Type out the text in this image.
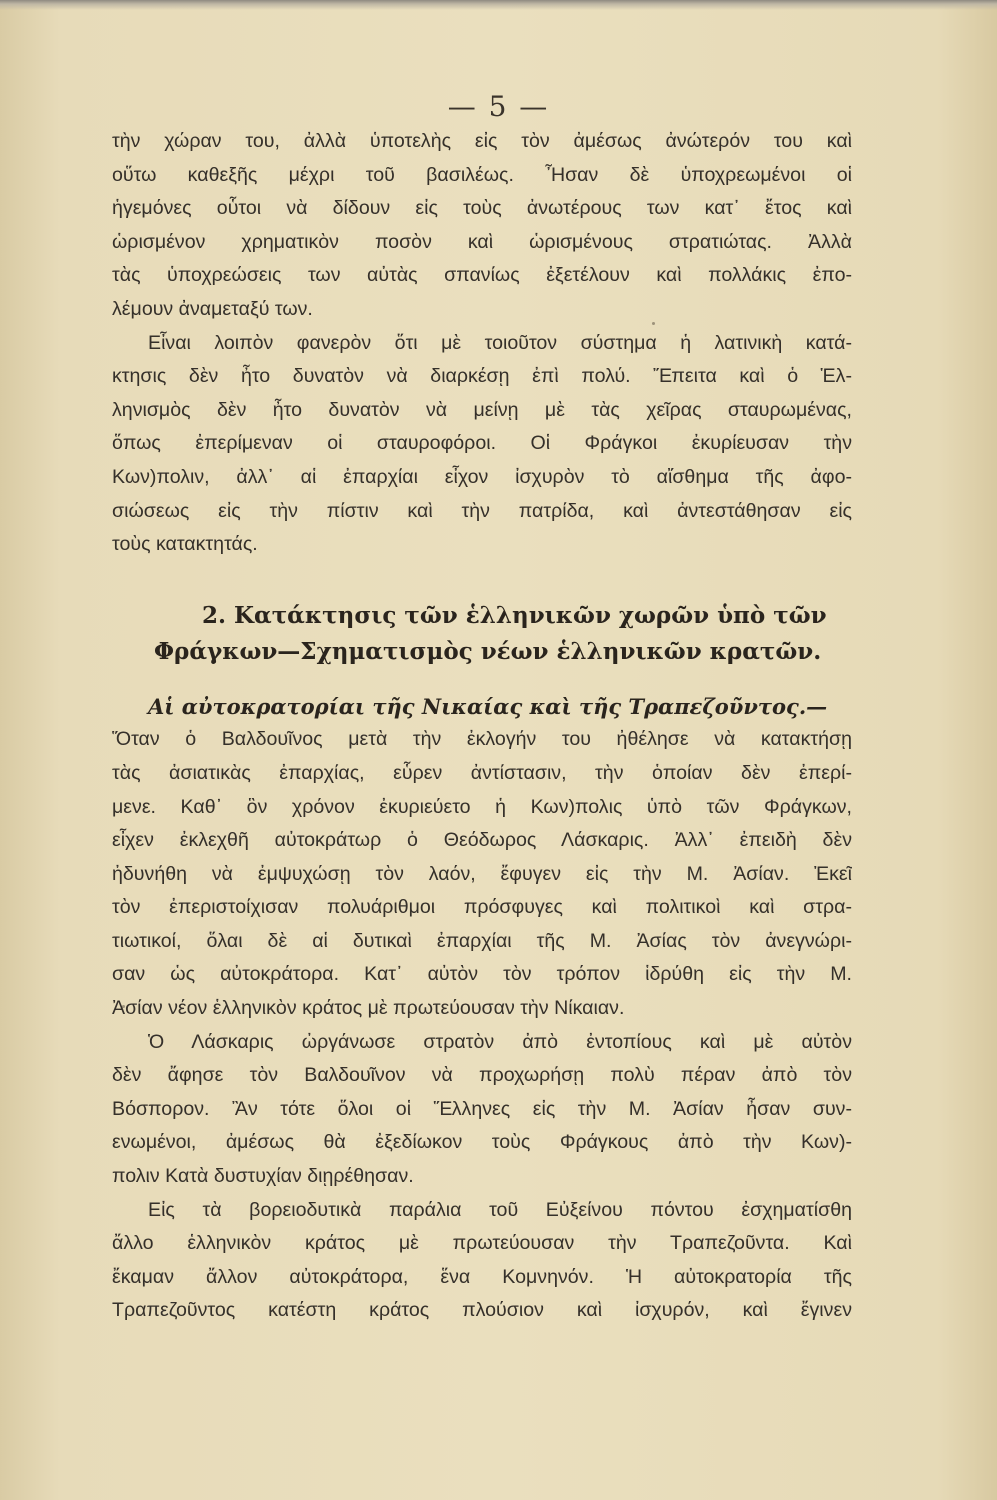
— 5 —
τὴν χώραν του, ἀλλὰ ὑποτελὴς εἰς τὸν ἀμέσως ἀνώτερόν του καὶ
οὕτω καθεξῆς μέχρι τοῦ βασιλέως. Ἦσαν δὲ ὑποχρεωμένοι οἱ
ἡγεμόνες οὗτοι νὰ δίδουν εἰς τοὺς ἀνωτέρους των κατ᾿ ἔτος καὶ
ὡρισμένον χρηματικὸν ποσὸν καὶ ὡρισμένους στρατιώτας. Ἀλλὰ
τὰς ὑποχρεώσεις των αὐτὰς σπανίως ἐξετέλουν καὶ πολλάκις ἐπο-
λέμουν ἀναμεταξύ των.
Εἶναι λοιπὸν φανερὸν ὅτι μὲ τοιοῦτον σύστημα ἡ λατινικὴ κατά-
κτησις δὲν ἦτο δυνατὸν νὰ διαρκέσῃ ἐπὶ πολύ. Ἔπειτα καὶ ὁ Ἑλ-
ληνισμὸς δὲν ἦτο δυνατὸν νὰ μείνῃ μὲ τὰς χεῖρας σταυρωμένας,
ὅπως ἐπερίμεναν οἱ σταυροφόροι. Οἱ Φράγκοι ἐκυρίευσαν τὴν
Κων)πολιν, ἀλλ᾿ αἱ ἐπαρχίαι εἶχον ἰσχυρὸν τὸ αἴσθημα τῆς ἀφο-
σιώσεως εἰς τὴν πίστιν καὶ τὴν πατρίδα, καὶ ἀντεστάθησαν εἰς
τοὺς κατακτητάς.
2. Κατάκτησις τῶν ἑλληνικῶν χωρῶν ὑπὸ τῶν
Φράγκων—Σχηματισμὸς νέων ἑλληνικῶν κρατῶν.
Αἱ αὐτοκρατορίαι τῆς Νικαίας καὶ τῆς Τραπεζοῦντος.—
Ὅταν ὁ Βαλδουῖνος μετὰ τὴν ἐκλογήν του ἠθέλησε νὰ κατακτήσῃ
τὰς ἀσιατικὰς ἐπαρχίας, εὗρεν ἀντίστασιν, τὴν ὁποίαν δὲν ἐπερί-
μενε. Καθ᾿ ὃν χρόνον ἐκυριεύετο ἡ Κων)πολις ὑπὸ τῶν Φράγκων,
εἶχεν ἐκλεχθῆ αὐτοκράτωρ ὁ Θεόδωρος Λάσκαρις. Ἀλλ᾿ ἐπειδὴ δὲν
ἠδυνήθη νὰ ἐμψυχώσῃ τὸν λαόν, ἔφυγεν εἰς τὴν Μ. Ἀσίαν. Ἐκεῖ
τὸν ἐπεριστοίχισαν πολυάριθμοι πρόσφυγες καὶ πολιτικοὶ καὶ στρα-
τιωτικοί, ὅλαι δὲ αἱ δυτικαὶ ἐπαρχίαι τῆς Μ. Ἀσίας τὸν ἀνεγνώρι-
σαν ὡς αὐτοκράτορα. Κατ᾿ αὐτὸν τὸν τρόπον ἱδρύθη εἰς τὴν Μ.
Ἀσίαν νέον ἑλληνικὸν κράτος μὲ πρωτεύουσαν τὴν Νίκαιαν.
Ὁ Λάσκαρις ὠργάνωσε στρατὸν ἀπὸ ἐντοπίους καὶ μὲ αὐτὸν
δὲν ἄφησε τὸν Βαλδουῖνον νὰ προχωρήσῃ πολὺ πέραν ἀπὸ τὸν
Βόσπορον. Ἂν τότε ὅλοι οἱ Ἕλληνες εἰς τὴν Μ. Ἀσίαν ἦσαν συν-
ενωμένοι, ἀμέσως θὰ ἐξεδίωκον τοὺς Φράγκους ἀπὸ τὴν Κων)-
πολιν Κατὰ δυστυχίαν διῃρέθησαν.
Εἰς τὰ βορειοδυτικὰ παράλια τοῦ Εὐξείνου πόντου ἐσχηματίσθη
ἄλλο ἑλληνικὸν κράτος μὲ πρωτεύουσαν τὴν Τραπεζοῦντα. Καὶ
ἔκαμαν ἄλλον αὐτοκράτορα, ἕνα Κομνηνόν. Ἡ αὐτοκρατορία τῆς
Τραπεζοῦντος κατέστη κράτος πλούσιον καὶ ἰσχυρόν, καὶ ἔγινεν
